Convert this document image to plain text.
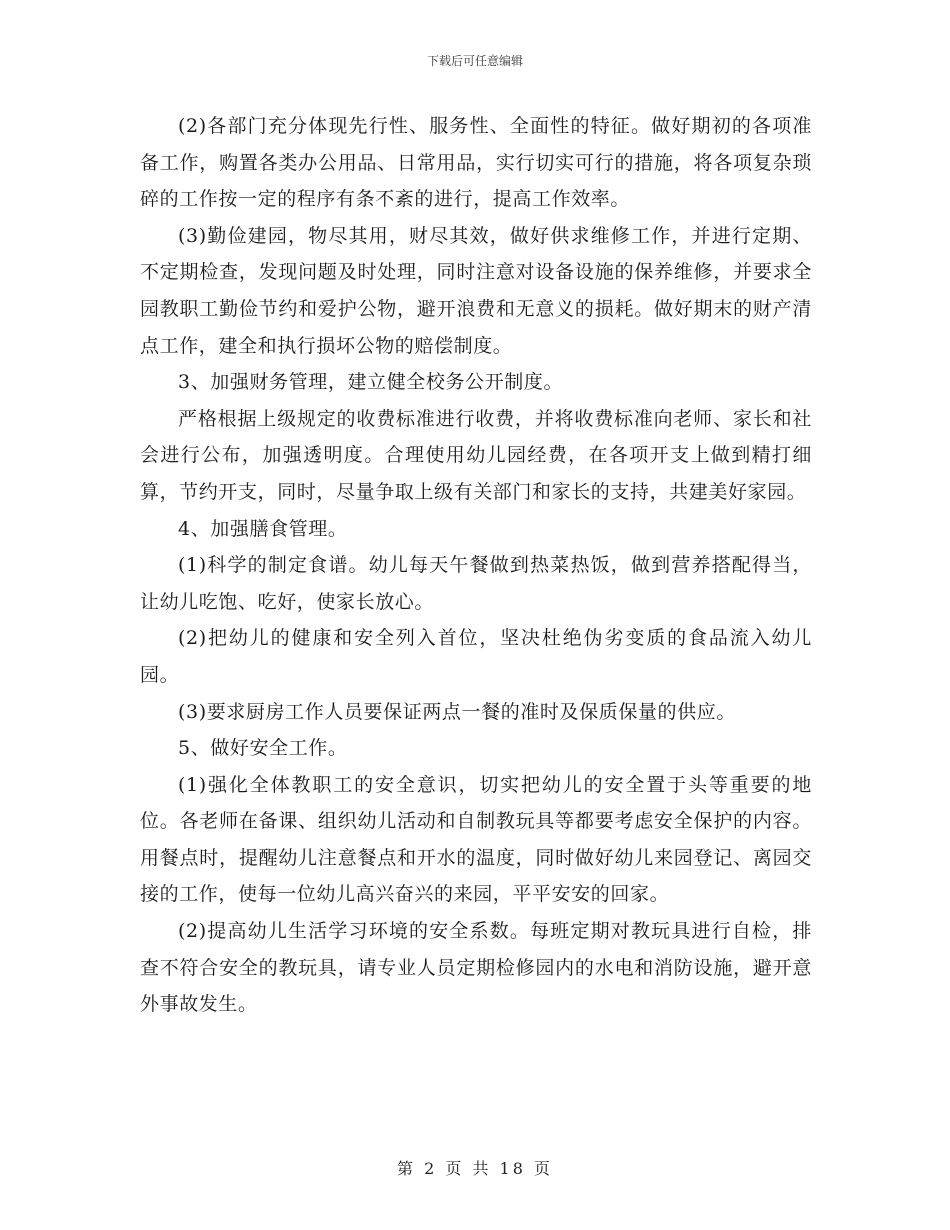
下载后可任意编辑

(2)各部门充分体现先行性、服务性、全面性的特征。做好期初的各项准备工作，购置各类办公用品、日常用品，实行切实可行的措施，将各项复杂琐碎的工作按一定的程序有条不紊的进行，提高工作效率。

(3)勤俭建园，物尽其用，财尽其效，做好供求维修工作，并进行定期、不定期检查，发现问题及时处理，同时注意对设备设施的保养维修，并要求全园教职工勤俭节约和爱护公物，避开浪费和无意义的损耗。做好期末的财产清点工作，建全和执行损坏公物的赔偿制度。

3、加强财务管理，建立健全校务公开制度。

严格根据上级规定的收费标准进行收费，并将收费标准向老师、家长和社会进行公布，加强透明度。合理使用幼儿园经费，在各项开支上做到精打细算，节约开支，同时，尽量争取上级有关部门和家长的支持，共建美好家园。

4、加强膳食管理。

(1)科学的制定食谱。幼儿每天午餐做到热菜热饭，做到营养搭配得当，让幼儿吃饱、吃好，使家长放心。

(2)把幼儿的健康和安全列入首位，坚决杜绝伪劣变质的食品流入幼儿园。

(3)要求厨房工作人员要保证两点一餐的准时及保质保量的供应。

5、做好安全工作。

(1)强化全体教职工的安全意识，切实把幼儿的安全置于头等重要的地位。各老师在备课、组织幼儿活动和自制教玩具等都要考虑安全保护的内容。用餐点时，提醒幼儿注意餐点和开水的温度，同时做好幼儿来园登记、离园交接的工作，使每一位幼儿高兴奋兴的来园，平平安安的回家。

(2)提高幼儿生活学习环境的安全系数。每班定期对教玩具进行自检，排查不符合安全的教玩具，请专业人员定期检修园内的水电和消防设施，避开意外事故发生。

第 2 页 共 18 页
